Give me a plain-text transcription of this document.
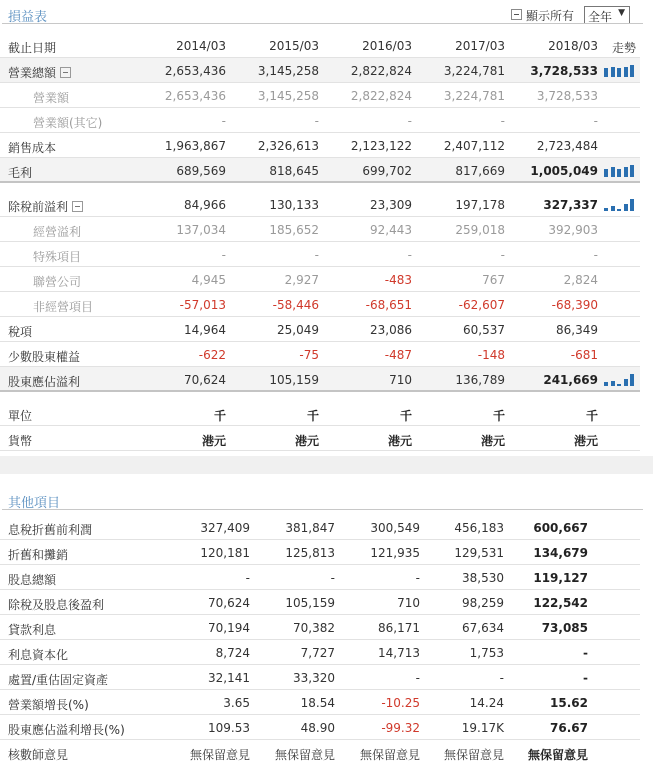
損益表	顯示所有	全年 ▼
截止日期	2014/03	2015/03	2016/03	2017/03	2018/03 走勢
營業總額	2,653,436	3,145,258	2,822,824	3,224,781	3,728,533
營業額	2,653,436	3,145,258	2,822,824	3,224,781	3,728,533
營業額(其它)	-	-	-	-	-
銷售成本	1,963,867	2,326,613	2,123,122	2,407,112	2,723,484
毛利	689,569	818,645	699,702	817,669	1,005,049
除稅前溢利	84,966	130,133	23,309	197,178	327,337
經營溢利	137,034	185,652	92,443	259,018	392,903
特殊項目	-	-	-	-	-
聯營公司	4,945	2,927	-483	767	2,824
非經營項目	-57,013	-58,446	-68,651	-62,607	-68,390
稅項	14,964	25,049	23,086	60,537	86,349
少數股東權益	-622	-75	-487	-148	-681
股東應佔溢利	70,624	105,159	710	136,789	241,669
單位	千	千	千	千	千
貨幣	港元	港元	港元	港元	港元
其他項目
息稅折舊前利潤	327,409	381,847	300,549	456,183	600,667
折舊和攤銷	120,181	125,813	121,935	129,531	134,679
股息總額	-	-	-	38,530	119,127
除稅及股息後盈利	70,624	105,159	710	98,259	122,542
貸款利息	70,194	70,382	86,171	67,634	73,085
利息資本化	8,724	7,727	14,713	1,753	-
處置/重估固定資產	32,141	33,320	-	-	-
營業額增長(%)	3.65	18.54	-10.25	14.24	15.62
股東應佔溢利增長(%)	109.53	48.90	-99.32	19.17K	76.67
核數師意見	無保留意見	無保留意見	無保留意見	無保留意見	無保留意見
